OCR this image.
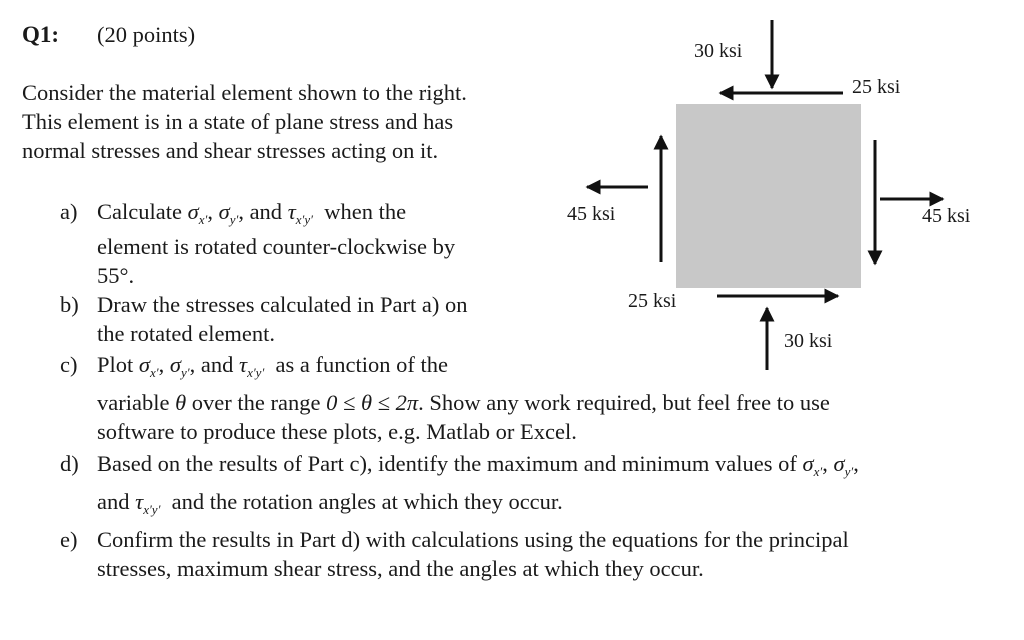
Q1: (20 points)
Consider the material element shown to the right.
This element is in a state of plane stress and has
normal stresses and shear stresses acting on it.
a) Calculate $\sigma_{x'}$, $\sigma_{y'}$, and $\tau_{x'y'}$ when the
element is rotated counter-clockwise by
55°.
b) Draw the stresses calculated in Part a) on
the rotated element.
c) Plot $\sigma_{x'}$, $\sigma_{y'}$, and $\tau_{x'y'}$ as a function of the
variable θ over the range 0 ≤ θ ≤ 2π. Show any work required, but feel free to use
software to produce these plots, e.g. Matlab or Excel.
d) Based on the results of Part c), identify the maximum and minimum values of $\sigma_{x'}$, $\sigma_{y'}$,
and $\tau_{x'y'}$ and the rotation angles at which they occur.
e) Confirm the results in Part d) with calculations using the equations for the principal
stresses, maximum shear stress, and the angles at which they occur.
30 ksi
25 ksi
45 ksi	45 ksi
25 ksi
30 ksi
